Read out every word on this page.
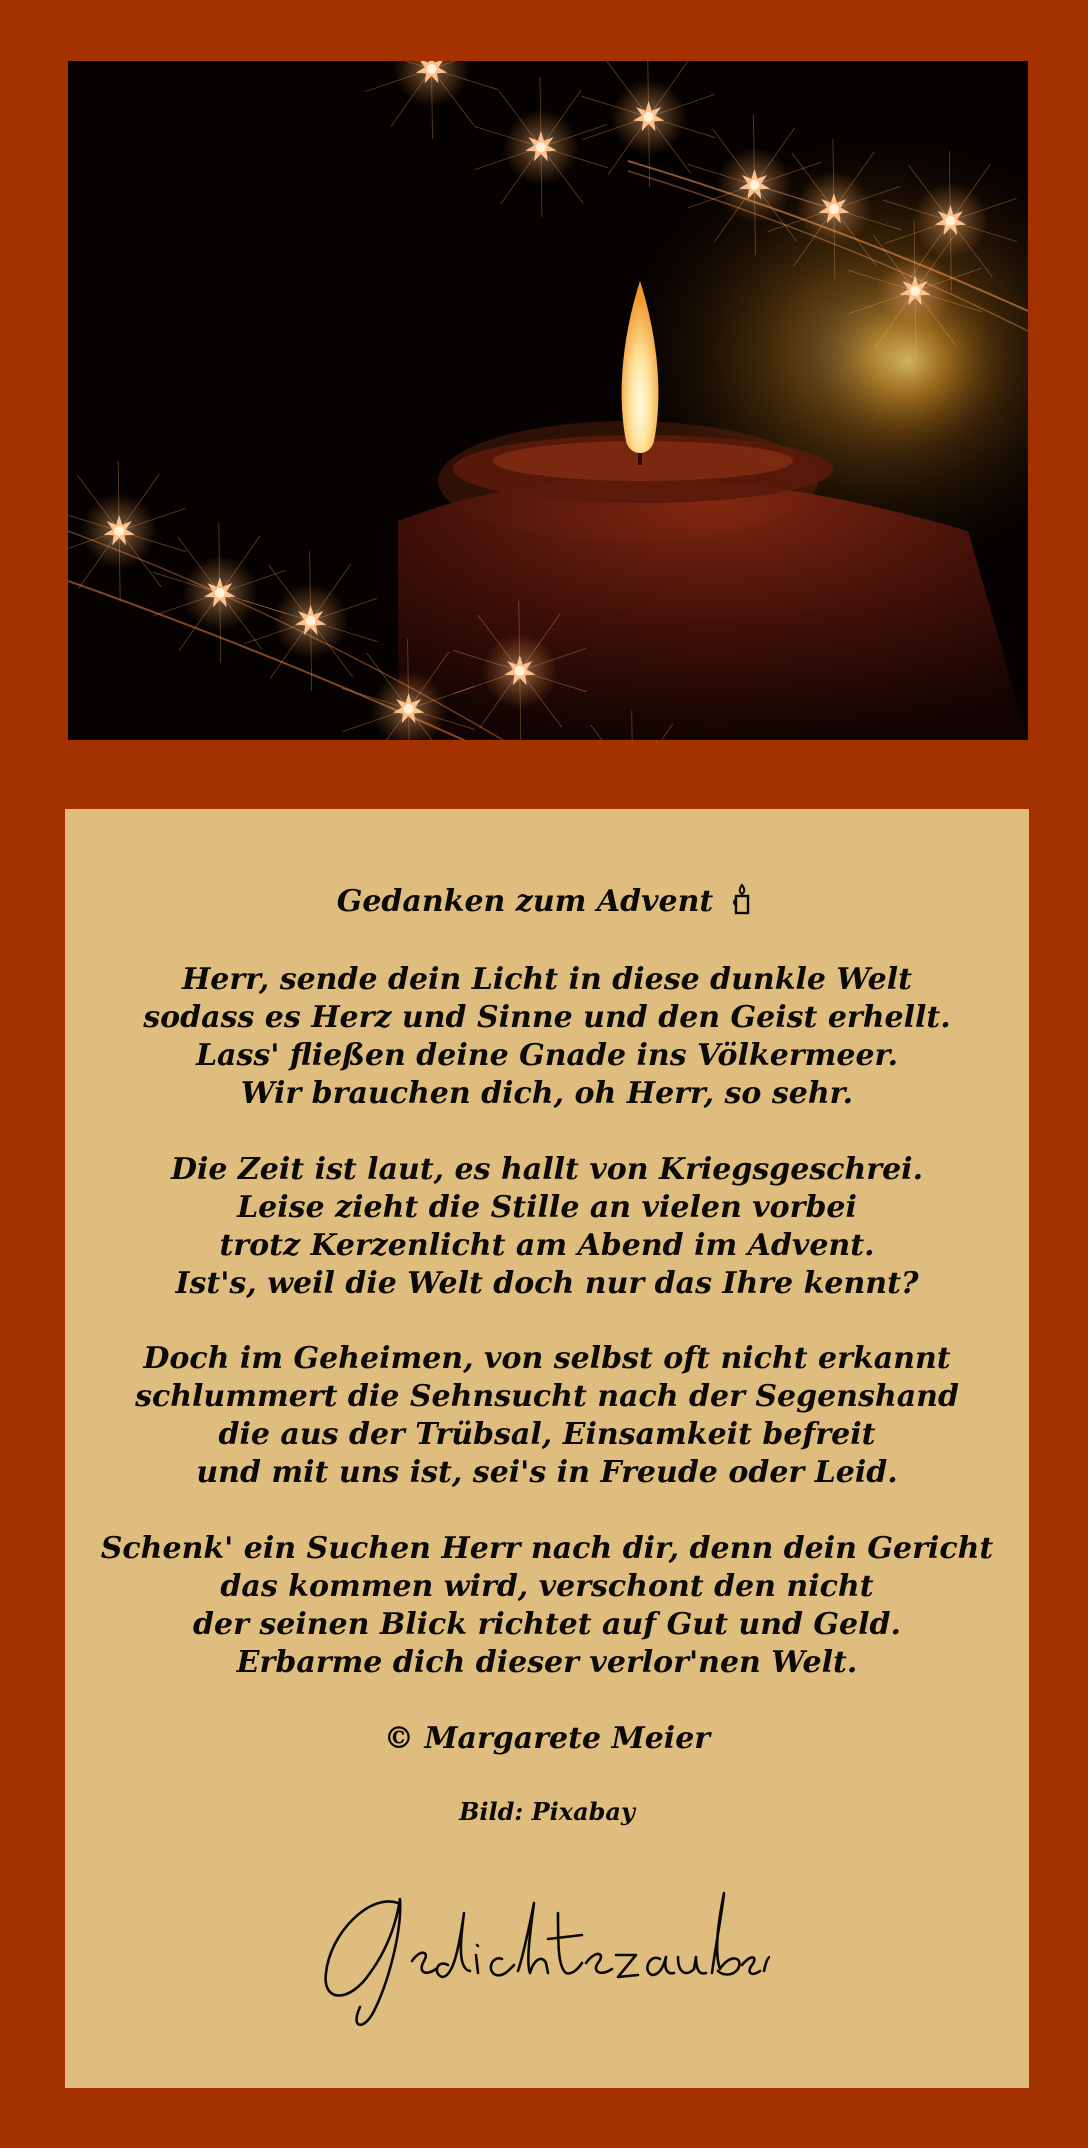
Gedanken zum Advent

Herr, sende dein Licht in diese dunkle Welt
sodass es Herz und Sinne und den Geist erhellt.
Lass' fließen deine Gnade ins Völkermeer.
Wir brauchen dich, oh Herr, so sehr.
Die Zeit ist laut, es hallt von Kriegsgeschrei.
Leise zieht die Stille an vielen vorbei
trotz Kerzenlicht am Abend im Advent.
Ist's, weil die Welt doch nur das Ihre kennt?
Doch im Geheimen, von selbst oft nicht erkannt
schlummert die Sehnsucht nach der Segenshand
die aus der Trübsal, Einsamkeit befreit
und mit uns ist, sei's in Freude oder Leid.
Schenk' ein Suchen Herr nach dir, denn dein Gericht
das kommen wird, verschont den nicht
der seinen Blick richtet auf Gut und Geld.
Erbarme dich dieser verlor'nen Welt.

© Margarete Meier

Bild: Pixabay
